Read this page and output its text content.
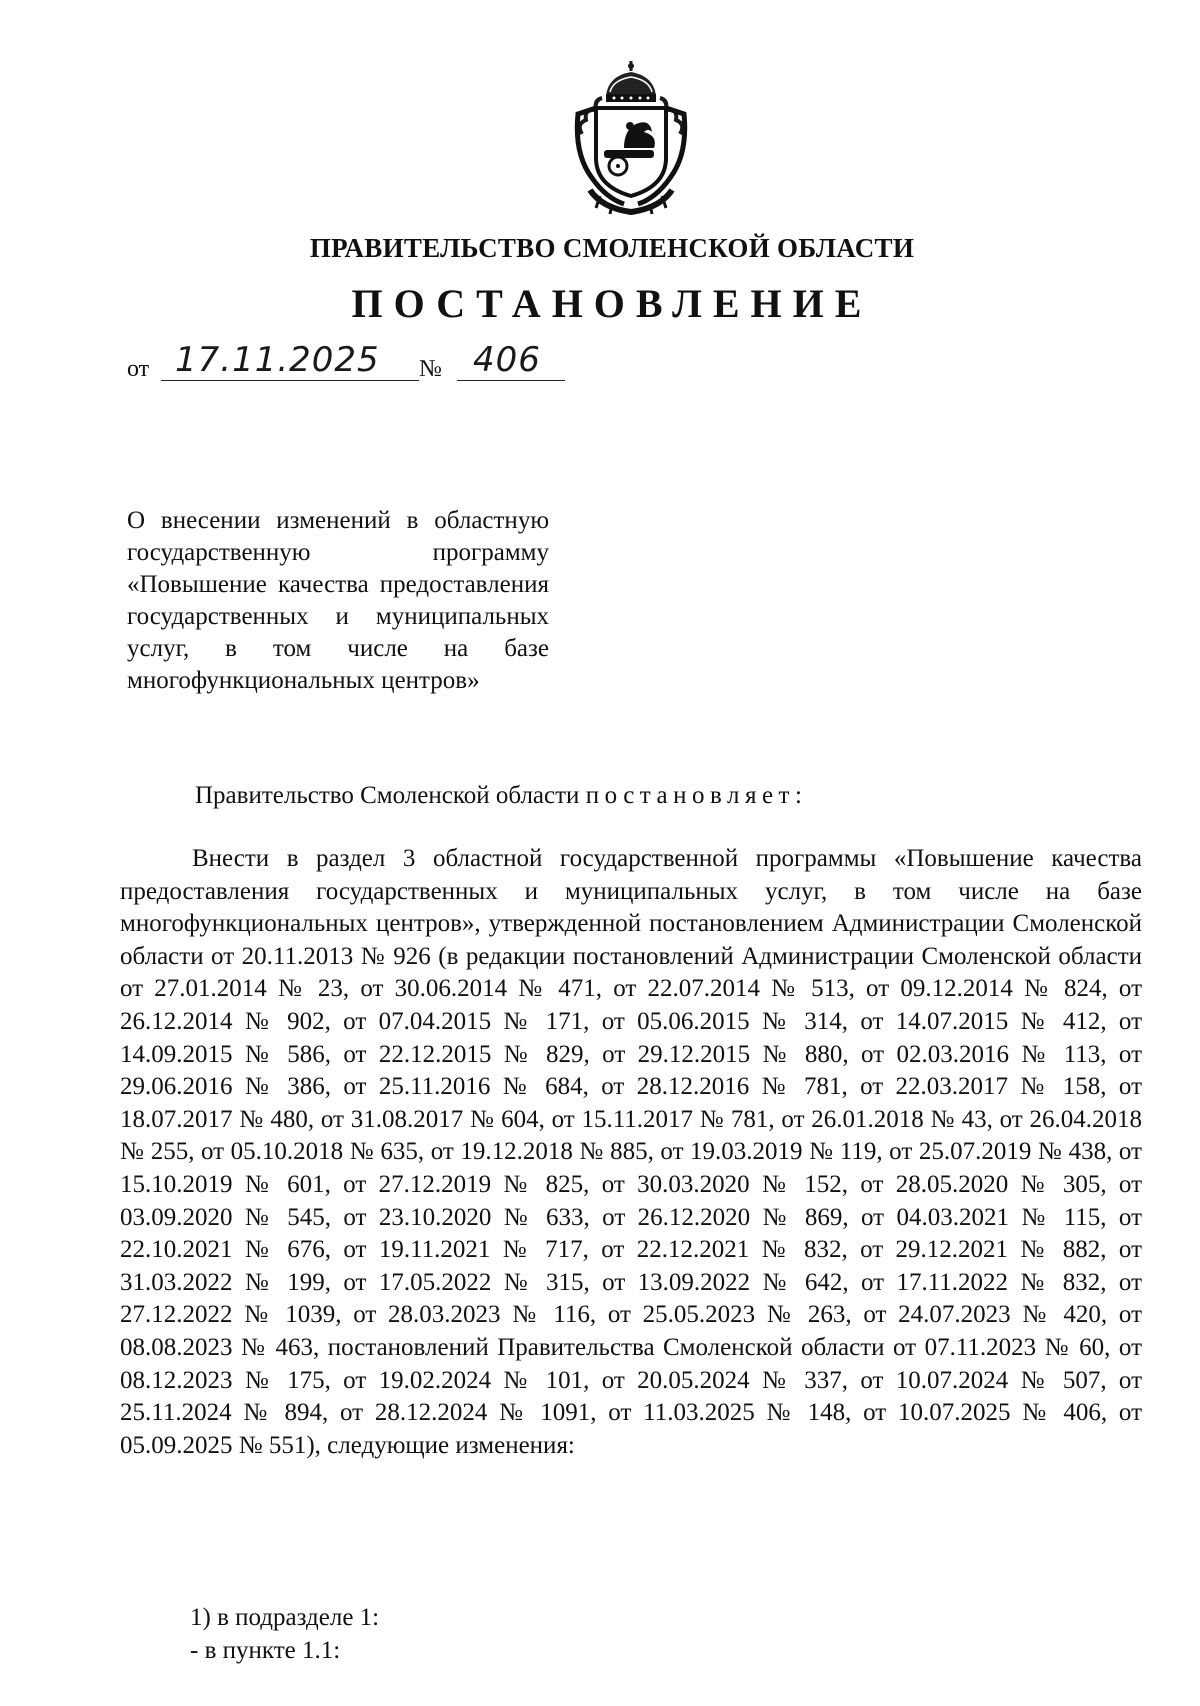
ПРАВИТЕЛЬСТВО СМОЛЕНСКОЙ ОБЛАСТИ
ПОСТАНОВЛЕНИЕ
от 17.11.2025 № 406
О внесении изменений в областную государственную программу «Повышение качества предоставления государственных и муниципальных услуг, в том числе на базе многофункциональных центров»
Правительство Смоленской области постановляет:
Внести в раздел 3 областной государственной программы «Повышение качества предоставления государственных и муниципальных услуг, в том числе на базе многофункциональных центров», утвержденной постановлением Администрации Смоленской области от 20.11.2013 № 926 (в редакции постановлений Администрации Смоленской области от 27.01.2014 № 23, от 30.06.2014 № 471, от 22.07.2014 № 513, от 09.12.2014 № 824, от 26.12.2014 № 902, от 07.04.2015 № 171, от 05.06.2015 № 314, от 14.07.2015 № 412, от 14.09.2015 № 586, от 22.12.2015 № 829, от 29.12.2015 № 880, от 02.03.2016 № 113, от 29.06.2016 № 386, от 25.11.2016 № 684, от 28.12.2016 № 781, от 22.03.2017 № 158, от 18.07.2017 № 480, от 31.08.2017 № 604, от 15.11.2017 № 781, от 26.01.2018 № 43, от 26.04.2018 № 255, от 05.10.2018 № 635, от 19.12.2018 № 885, от 19.03.2019 № 119, от 25.07.2019 № 438, от 15.10.2019 № 601, от 27.12.2019 № 825, от 30.03.2020 № 152, от 28.05.2020 № 305, от 03.09.2020 № 545, от 23.10.2020 № 633, от 26.12.2020 № 869, от 04.03.2021 № 115, от 22.10.2021 № 676, от 19.11.2021 № 717, от 22.12.2021 № 832, от 29.12.2021 № 882, от 31.03.2022 № 199, от 17.05.2022 № 315, от 13.09.2022 № 642, от 17.11.2022 № 832, от 27.12.2022 № 1039, от 28.03.2023 № 116, от 25.05.2023 № 263, от 24.07.2023 № 420, от 08.08.2023 № 463, постановлений Правительства Смоленской области от 07.11.2023 № 60, от 08.12.2023 № 175, от 19.02.2024 № 101, от 20.05.2024 № 337, от 10.07.2024 № 507, от 25.11.2024 № 894, от 28.12.2024 № 1091, от 11.03.2025 № 148, от 10.07.2025 № 406, от 05.09.2025 № 551), следующие изменения:
1) в подразделе 1:
- в пункте 1.1:
